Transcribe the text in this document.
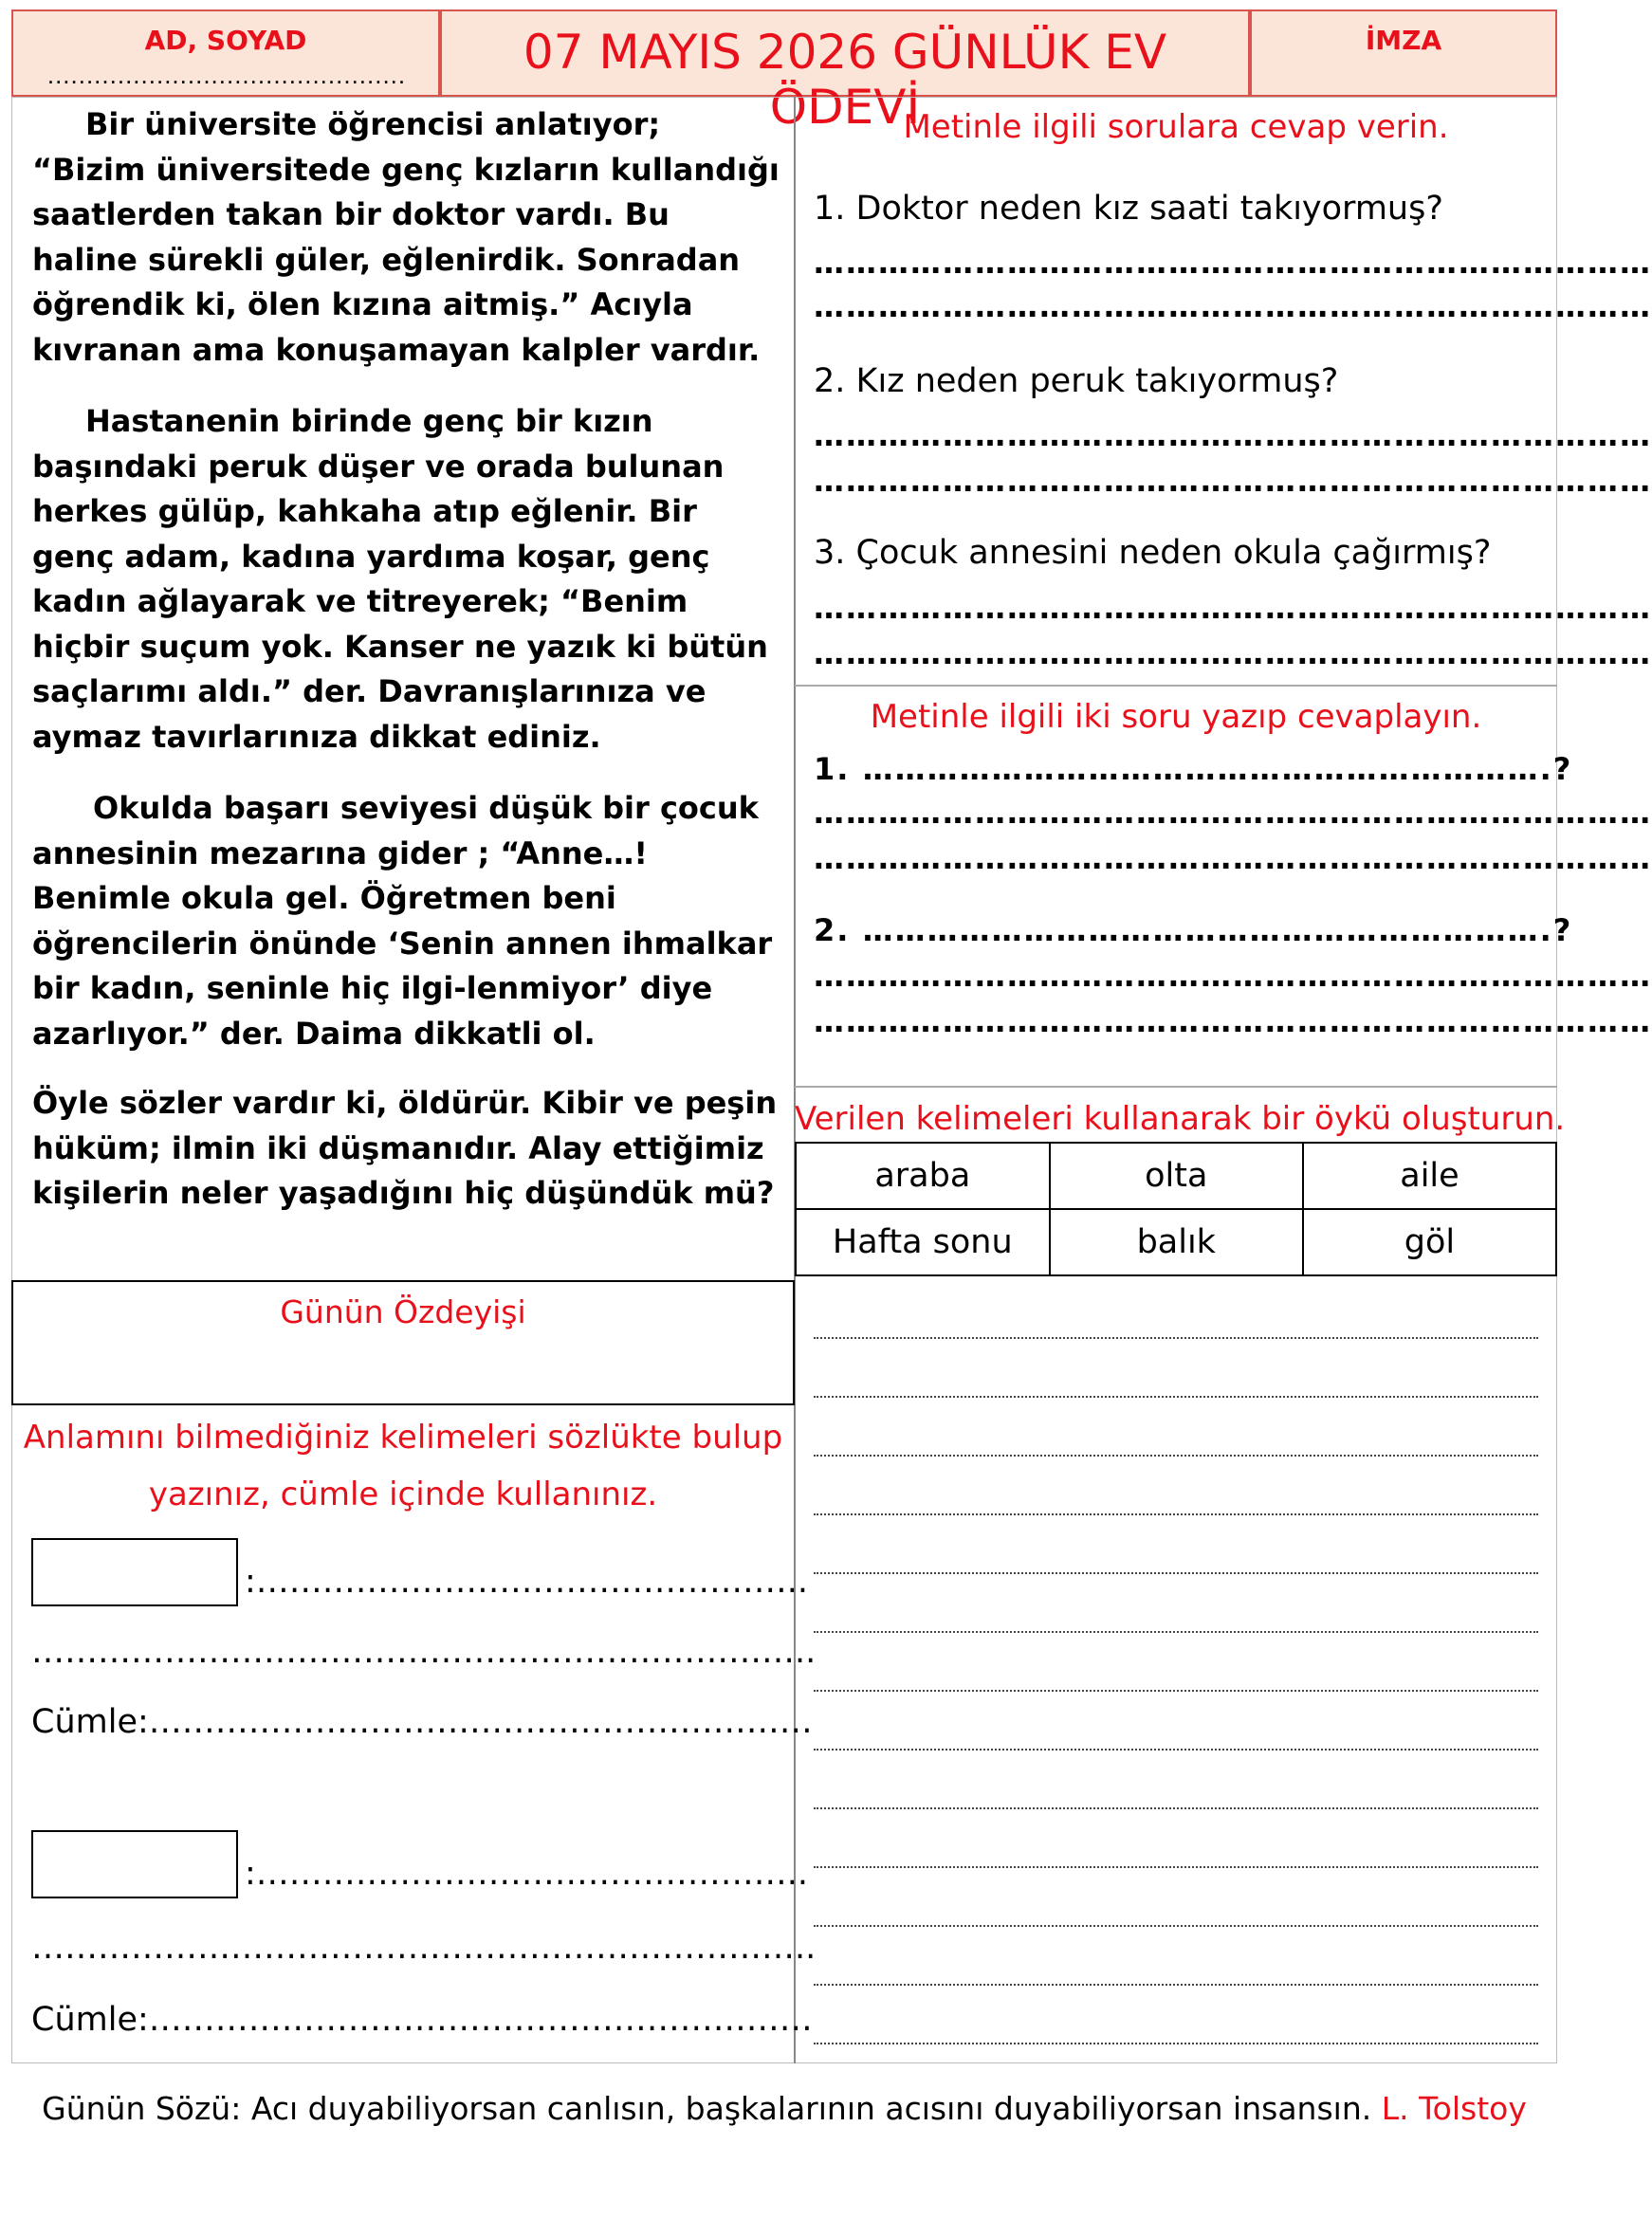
AD, SOYAD
..............................................	07 MAYIS 2026 GÜNLÜK EV ÖDEVİ
İMZA

Bir üniversite öğrencisi anlatıyor; “Bizim üniversitede genç kızların kullandığı saatlerden takan bir doktor vardı. Bu haline sürekli güler, eğlenirdik. Sonradan öğrendik ki, ölen kızına aitmiş.” Acıyla kıvranan ama konuşamayan kalpler vardır.

Hastanenin birinde genç bir kızın başındaki peruk düşer ve orada bulunan herkes gülüp, kahkaha atıp eğlenir. Bir genç adam, kadına yardıma koşar, genç kadın ağlayarak ve titreyerek; “Benim hiçbir suçum yok. Kanser ne yazık ki bütün saçlarımı aldı.” der. Davranışlarınıza ve aymaz tavırlarınıza dikkat ediniz.

Okulda başarı seviyesi düşük bir çocuk annesinin mezarına gider ; “Anne…! Benimle okula gel. Öğretmen beni öğrencilerin önünde ‘Senin annen ihmalkar bir kadın, seninle hiç ilgi-lenmiyor’ diye azarlıyor.” der. Daima dikkatli ol.

Öyle sözler vardır ki, öldürür. Kibir ve peşin hüküm; ilmin iki düşmanıdır. Alay ettiğimiz kişilerin neler yaşadığını hiç düşündük mü?

Günün Özdeyişi
Anlamını bilmediğiniz kelimeleri sözlükte bulup
yazınız, cümle içinde kullanınız.
:…………………………………………..
……………………………………………………………..
Cümle:……………………………………………………
:…………………………………………..
……………………………………………………………..
Cümle:……………………………………………………
Metinle ilgili sorulara cevap verin.
1. Doktor neden kız saati takıyormuş?
……………………………………………………………………
……………………………………………………………………
2. Kız neden peruk takıyormuş?
……………………………………………………………………
……………………………………………………………………
3. Çocuk annesini neden okula çağırmış?
……………………………………………………………………
……………………………………………………………………
Metinle ilgili iki soru yazıp cevaplayın.
1. ……………………………………………………….?
……………………………………………………………………
……………………………………………………………………
2. ……………………………………………………….?
……………………………………………………………………
……………………………………………………………………
Verilen kelimeleri kullanarak bir öykü oluşturun.
araba	olta	aile
Hafta sonu	balık	göl
Günün Sözü: Acı duyabiliyorsan canlısın, başkalarının acısını duyabiliyorsan insansın. L. Tolstoy
